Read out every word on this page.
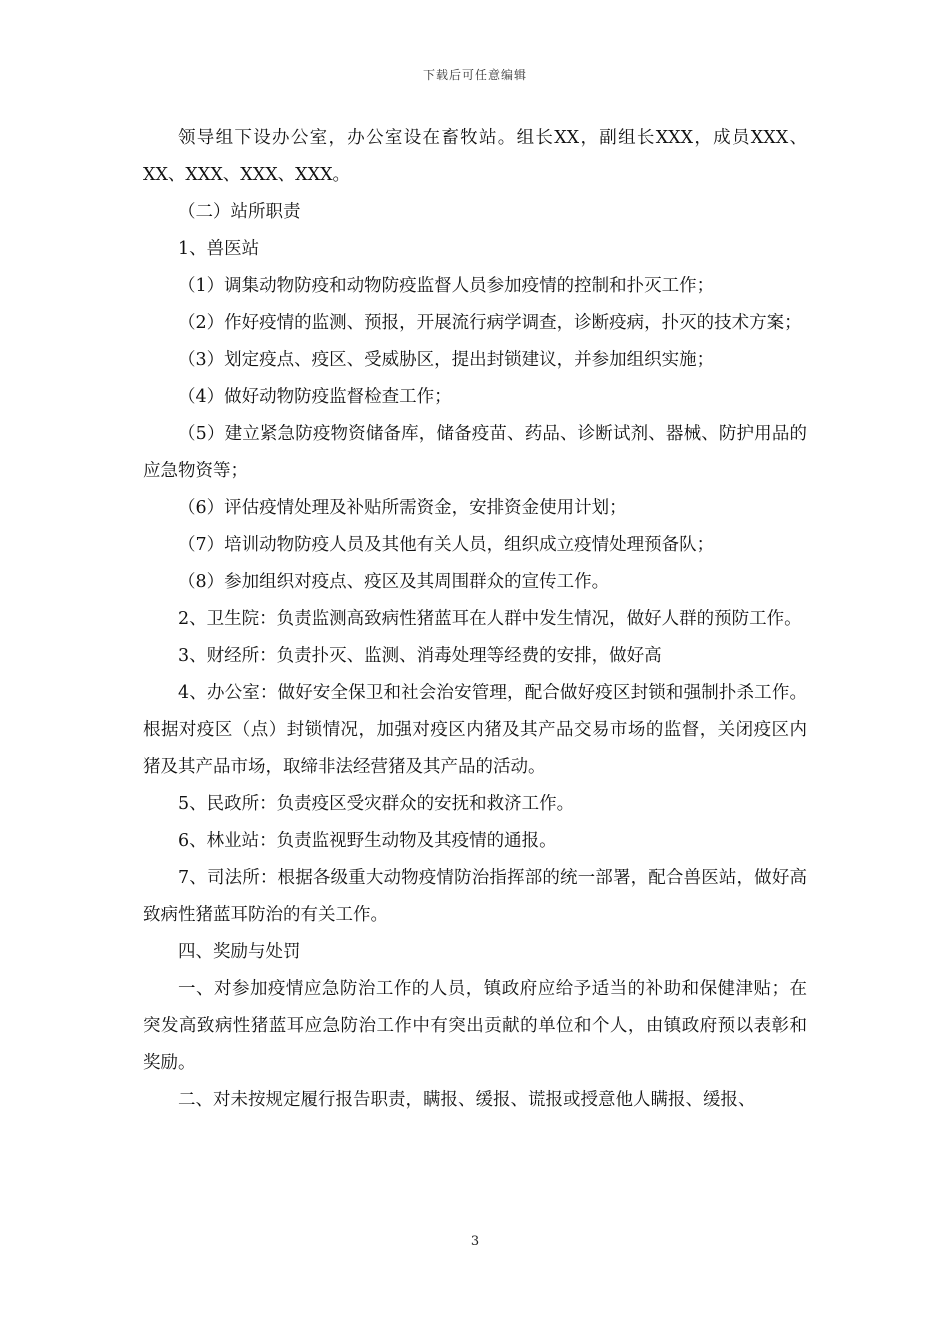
下载后可任意编辑

领导组下设办公室，办公室设在畜牧站。组长XX，副组长XXX，成员XXX、XX、XXX、XXX、XXX。

（二）站所职责

1、兽医站

（1）调集动物防疫和动物防疫监督人员参加疫情的控制和扑灭工作；

（2）作好疫情的监测、预报，开展流行病学调查，诊断疫病，扑灭的技术方案；

（3）划定疫点、疫区、受威胁区，提出封锁建议，并参加组织实施；

（4）做好动物防疫监督检查工作；

（5）建立紧急防疫物资储备库，储备疫苗、药品、诊断试剂、器械、防护用品的应急物资等；

（6）评估疫情处理及补贴所需资金，安排资金使用计划；

（7）培训动物防疫人员及其他有关人员，组织成立疫情处理预备队；

（8）参加组织对疫点、疫区及其周围群众的宣传工作。

2、卫生院：负责监测高致病性猪蓝耳在人群中发生情况，做好人群的预防工作。

3、财经所：负责扑灭、监测、消毒处理等经费的安排，做好高

4、办公室：做好安全保卫和社会治安管理，配合做好疫区封锁和强制扑杀工作。根据对疫区（点）封锁情况，加强对疫区内猪及其产品交易市场的监督，关闭疫区内猪及其产品市场，取缔非法经营猪及其产品的活动。

5、民政所：负责疫区受灾群众的安抚和救济工作。

6、林业站：负责监视野生动物及其疫情的通报。

7、司法所：根据各级重大动物疫情防治指挥部的统一部署，配合兽医站，做好高致病性猪蓝耳防治的有关工作。

四、奖励与处罚

一、对参加疫情应急防治工作的人员，镇政府应给予适当的补助和保健津贴；在突发高致病性猪蓝耳应急防治工作中有突出贡献的单位和个人，由镇政府预以表彰和奖励。

二、对未按规定履行报告职责，瞒报、缓报、谎报或授意他人瞒报、缓报、

3
